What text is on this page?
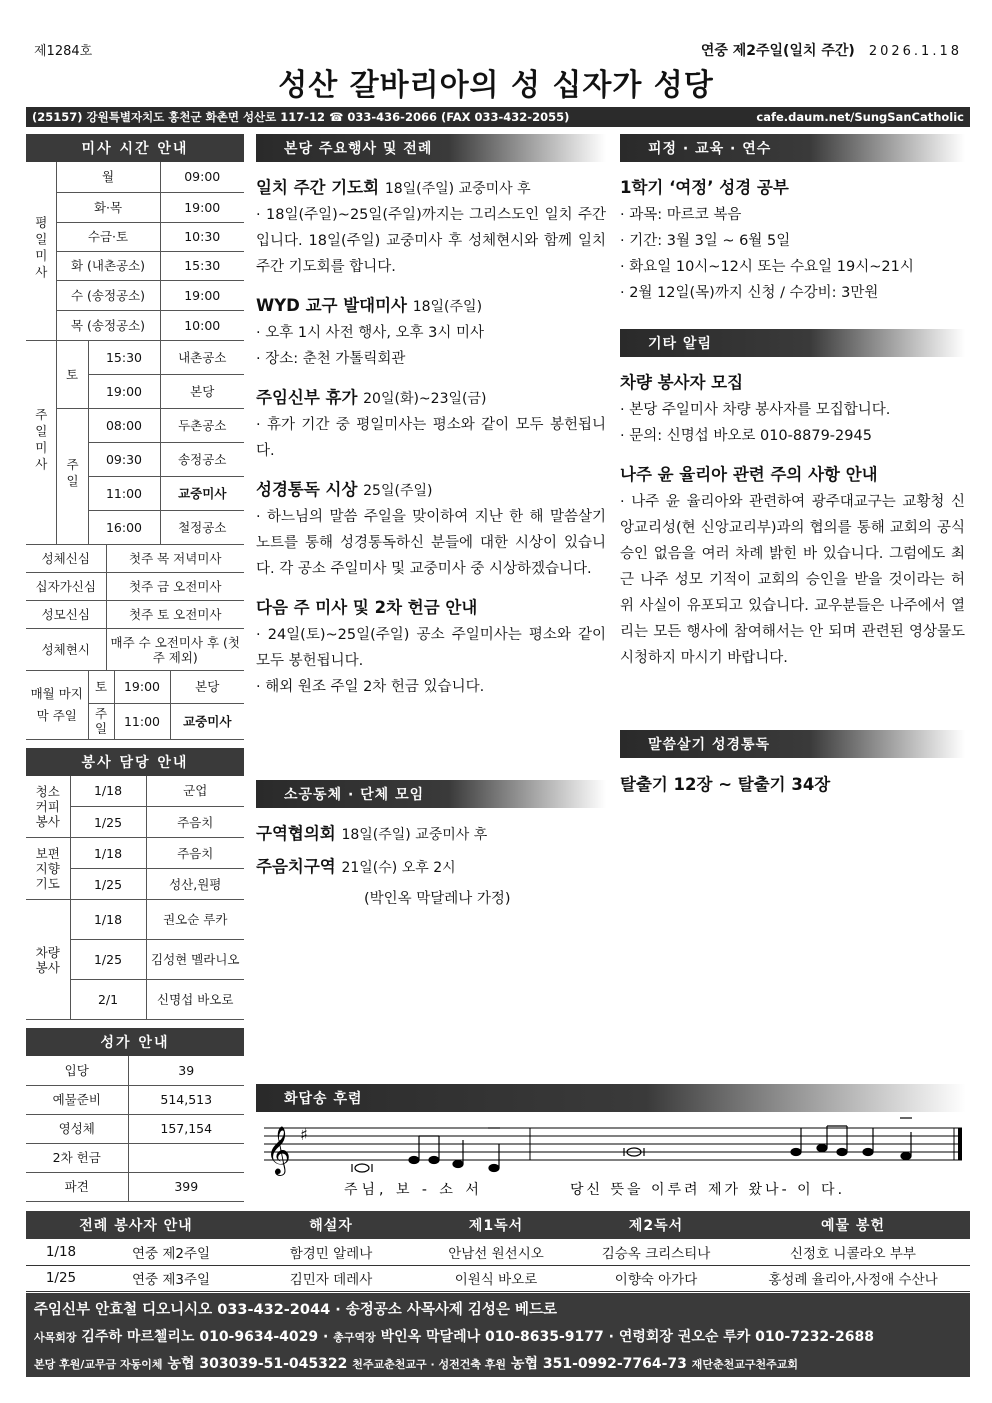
제1284호	연중 제2주일(일치 주간) 2026.1.18
성산 갈바리아의 성 십자가 성당
(25157) 강원특별자치도 홍천군 화촌면 성산로 117-12 ☎ 033-436-2066 (FAX 033-432-2055)	cafe.daum.net/SungSanCatholic
미사 시간 안내
평일미사	월		09:00
	화·목		19:00
	수금·토		10:30
	화 (내촌공소)		15:30
	수 (송정공소)		19:00
	목 (송정공소)		10:00
주일미사	토	15:30	내촌공소
		19:00	본당
	주일	08:00	두촌공소
		09:30	송정공소
		11:00	교중미사
		16:00	철정공소
성체신심	첫주 목 저녁미사
십자가신심	첫주 금 오전미사
성모신심	첫주 토 오전미사
성체현시	매주 수 오전미사 후 (첫 주 제외)
매월 마지막 주일	토	19:00	본당
	주일	11:00	교중미사
봉사 담당 안내
청소 커피 봉사	1/18	군업
	1/25	주음치
보편 지향 기도	1/18	주음치
	1/25	성산,원평
차량 봉사	1/18	권오순 루카
	1/25	김성현 멜라니오
	2/1	신명섭 바오로
성가 안내
입당	39
예물준비	514,513
영성체	157,154
2차 헌금	
파견	399
본당 주요행사 및 전례
일치 주간 기도회 18일(주일) 교중미사 후
· 18일(주일)~25일(주일)까지는 그리스도인 일치 주간입니다. 18일(주일) 교중미사 후 성체현시와 함께 일치 주간 기도회를 합니다.
WYD 교구 발대미사 18일(주일)
· 오후 1시 사전 행사, 오후 3시 미사
· 장소: 춘천 가톨릭회관
주임신부 휴가 20일(화)~23일(금)
· 휴가 기간 중 평일미사는 평소와 같이 모두 봉헌됩니다.
성경통독 시상 25일(주일)
· 하느님의 말씀 주일을 맞이하여 지난 한 해 말씀살기 노트를 통해 성경통독하신 분들에 대한 시상이 있습니다. 각 공소 주일미사 및 교중미사 중 시상하겠습니다.
다음 주 미사 및 2차 헌금 안내
· 24일(토)~25일(주일) 공소 주일미사는 평소와 같이 모두 봉헌됩니다.
· 해외 원조 주일 2차 헌금 있습니다.
소공동체 · 단체 모임
구역협의회 18일(주일) 교중미사 후
주음치구역 21일(수) 오후 2시
(박인옥 막달레나 가정)
피정 · 교육 · 연수
1학기 ‘여정’ 성경 공부
· 과목: 마르코 복음
· 기간: 3월 3일 ~ 6월 5일
· 화요일 10시~12시 또는 수요일 19시~21시
· 2월 12일(목)까지 신청 / 수강비: 3만원
기타 알림
차량 봉사자 모집
· 본당 주일미사 차량 봉사자를 모집합니다.
· 문의: 신명섭 바오로 010-8879-2945
나주 윤 율리아 관련 주의 사항 안내
· 나주 윤 율리아와 관련하여 광주대교구는 교황청 신앙교리성(현 신앙교리부)과의 협의를 통해 교회의 공식 승인 없음을 여러 차례 밝힌 바 있습니다. 그럼에도 최근 나주 성모 기적이 교회의 승인을 받을 것이라는 허위 사실이 유포되고 있습니다. 교우분들은 나주에서 열리는 모든 행사에 참여해서는 안 되며 관련된 영상물도 시청하지 마시기 바랍니다.
말씀살기 성경통독
탈출기 12장 ~ 탈출기 34장
화답송 후렴
𝄞 ♯
주님, 보 - 소 서	당신 뜻을 이루려 제가 왔나- 이 다.
전례 봉사자 안내		해설자	제1독서	제2독서	예물 봉헌
1/18	연중 제2주일	함경민 알레나	안남선 원선시오	김승옥 크리스티나	신정호 니콜라오 부부
1/25	연중 제3주일	김민자 데레사	이원식 바오로	이향숙 아가다	홍성례 율리아,사정애 수산나
주임신부 안효철 디오니시오 033-432-2044 · 송정공소 사목사제 김성은 베드로
사목회장 김주하 마르첼리노 010-9634-4029 · 총구역장 박인옥 막달레나 010-8635-9177 · 연령회장 권오순 루카 010-7232-2688
본당 후원/교무금 자동이체 농협 303039-51-045322 천주교춘천교구 · 성전건축 후원 농협 351-0992-7764-73 재단춘천교구천주교회
